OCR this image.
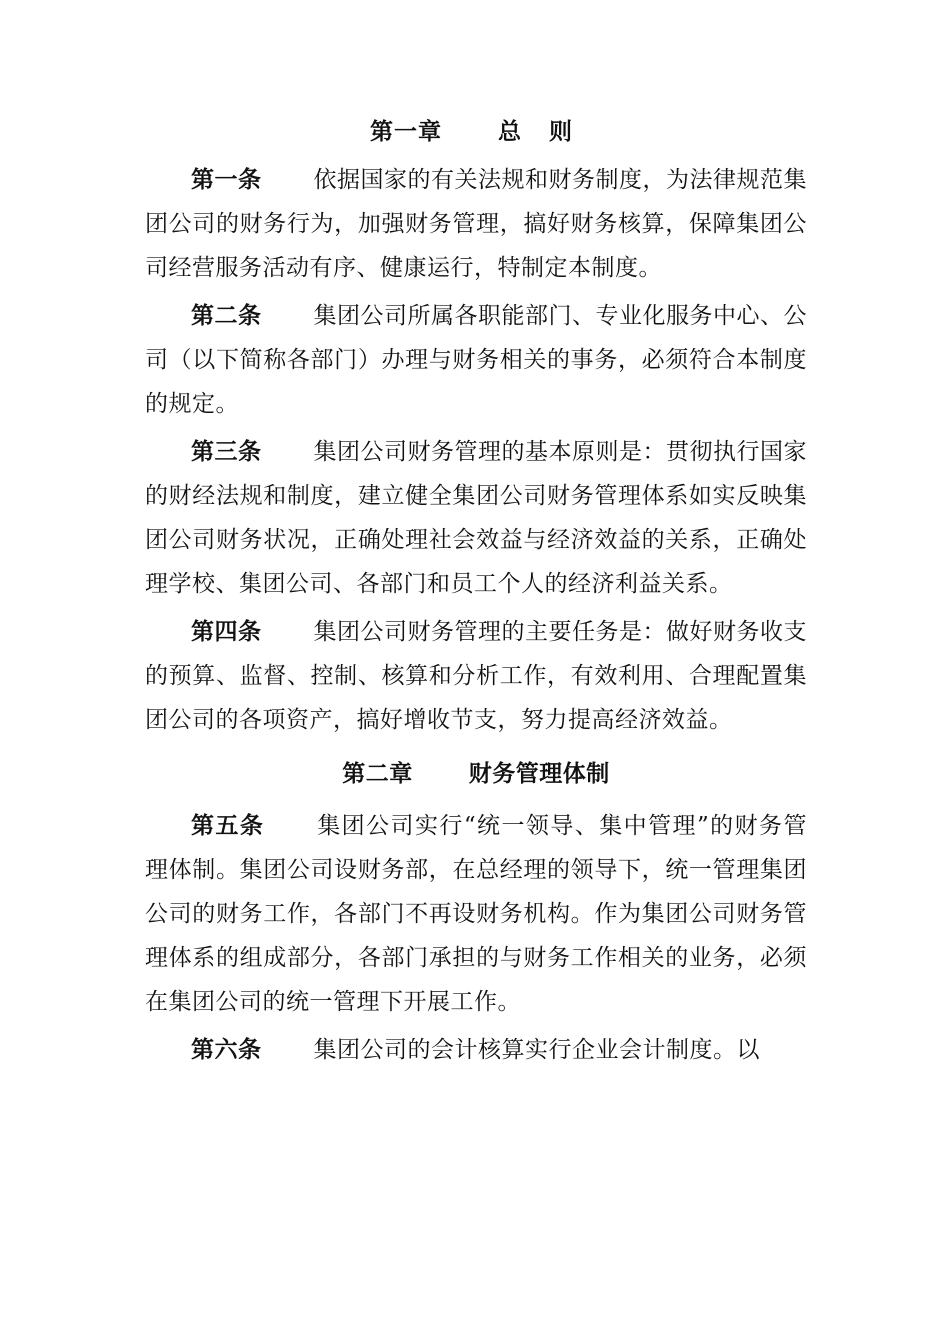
第一章 总 则

第一条 依据国家的有关法规和财务制度，为法律规范集团公司的财务行为，加强财务管理，搞好财务核算，保障集团公司经营服务活动有序、健康运行，特制定本制度。

第二条 集团公司所属各职能部门、专业化服务中心、公司（以下简称各部门）办理与财务相关的事务，必须符合本制度的规定。

第三条 集团公司财务管理的基本原则是：贯彻执行国家的财经法规和制度，建立健全集团公司财务管理体系如实反映集团公司财务状况，正确处理社会效益与经济效益的关系，正确处理学校、集团公司、各部门和员工个人的经济利益关系。

第四条 集团公司财务管理的主要任务是：做好财务收支的预算、监督、控制、核算和分析工作，有效利用、合理配置集团公司的各项资产，搞好增收节支，努力提高经济效益。

第二章 财务管理体制

第五条 集团公司实行“统一领导、集中管理”的财务管理体制。集团公司设财务部，在总经理的领导下，统一管理集团公司的财务工作，各部门不再设财务机构。作为集团公司财务管理体系的组成部分，各部门承担的与财务工作相关的业务，必须在集团公司的统一管理下开展工作。

第六条 集团公司的会计核算实行企业会计制度。以
